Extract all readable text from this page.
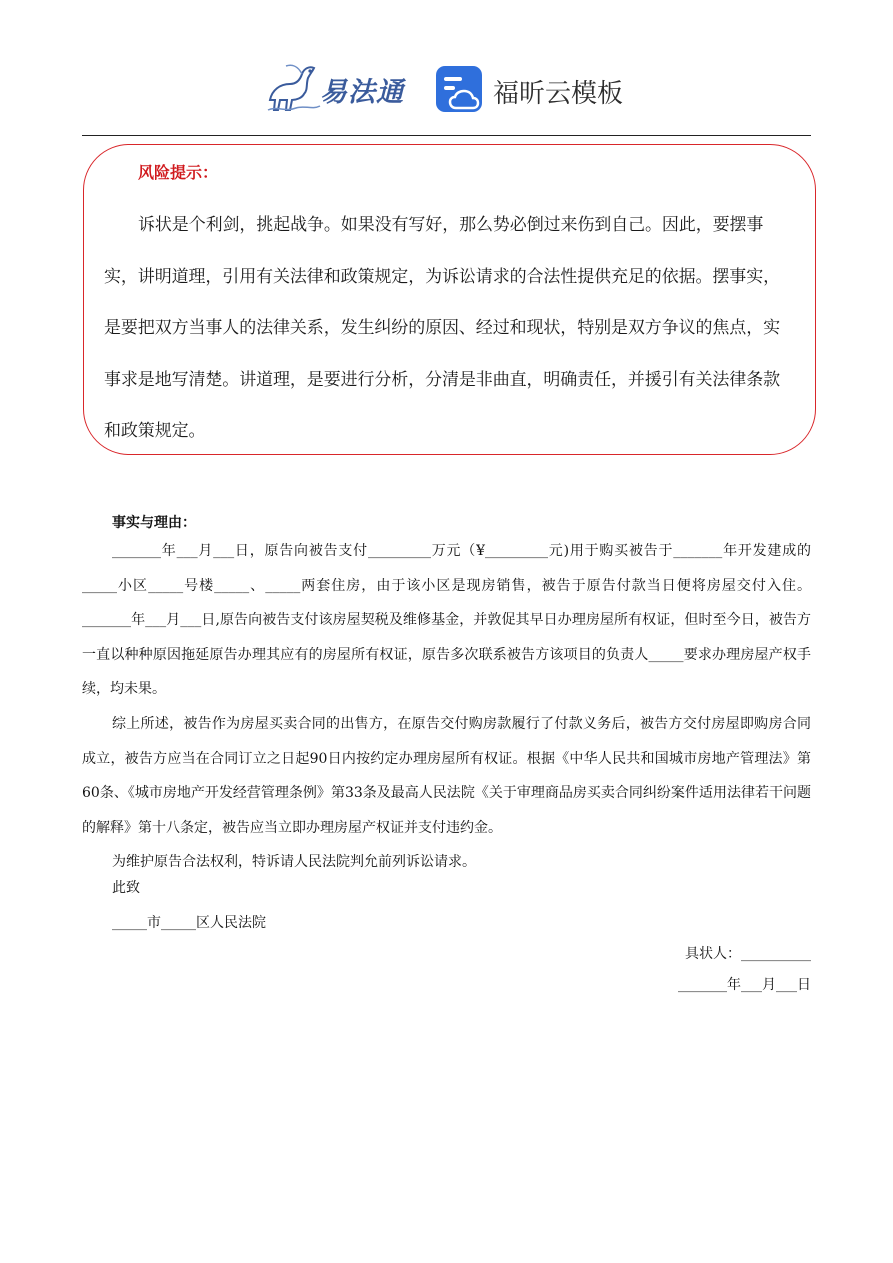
易法通	福昕云模板
风险提示：

诉状是个利剑，挑起战争。如果没有写好，那么势必倒过来伤到自己。因此，要摆事实，讲明道理，引用有关法律和政策规定，为诉讼请求的合法性提供充足的依据。摆事实，是要把双方当事人的法律关系，发生纠纷的原因、经过和现状，特别是双方争议的焦点，实事求是地写清楚。讲道理，是要进行分析，分清是非曲直，明确责任，并援引有关法律条款和政策规定。

事实与理由：

_______年___月___日，原告向被告支付_________万元（¥_________元)用于购买被告于_______年开发建成的_____小区_____号楼_____、_____两套住房，由于该小区是现房销售，被告于原告付款当日便将房屋交付入住。_______年___月___日,原告向被告支付该房屋契税及维修基金，并敦促其早日办理房屋所有权证，但时至今日，被告方一直以种种原因拖延原告办理其应有的房屋所有权证，原告多次联系被告方该项目的负责人_____要求办理房屋产权手续，均未果。

综上所述，被告作为房屋买卖合同的出售方，在原告交付购房款履行了付款义务后，被告方交付房屋即购房合同成立，被告方应当在合同订立之日起90日内按约定办理房屋所有权证。根据《中华人民共和国城市房地产管理法》第60条、《城市房地产开发经营管理条例》第33条及最高人民法院《关于审理商品房买卖合同纠纷案件适用法律若干问题的解释》第十八条定，被告应当立即办理房屋产权证并支付违约金。

为维护原告合法权利，特诉请人民法院判允前列诉讼请求。

此致
_____市_____区人民法院
具状人：__________
_______年___月___日
